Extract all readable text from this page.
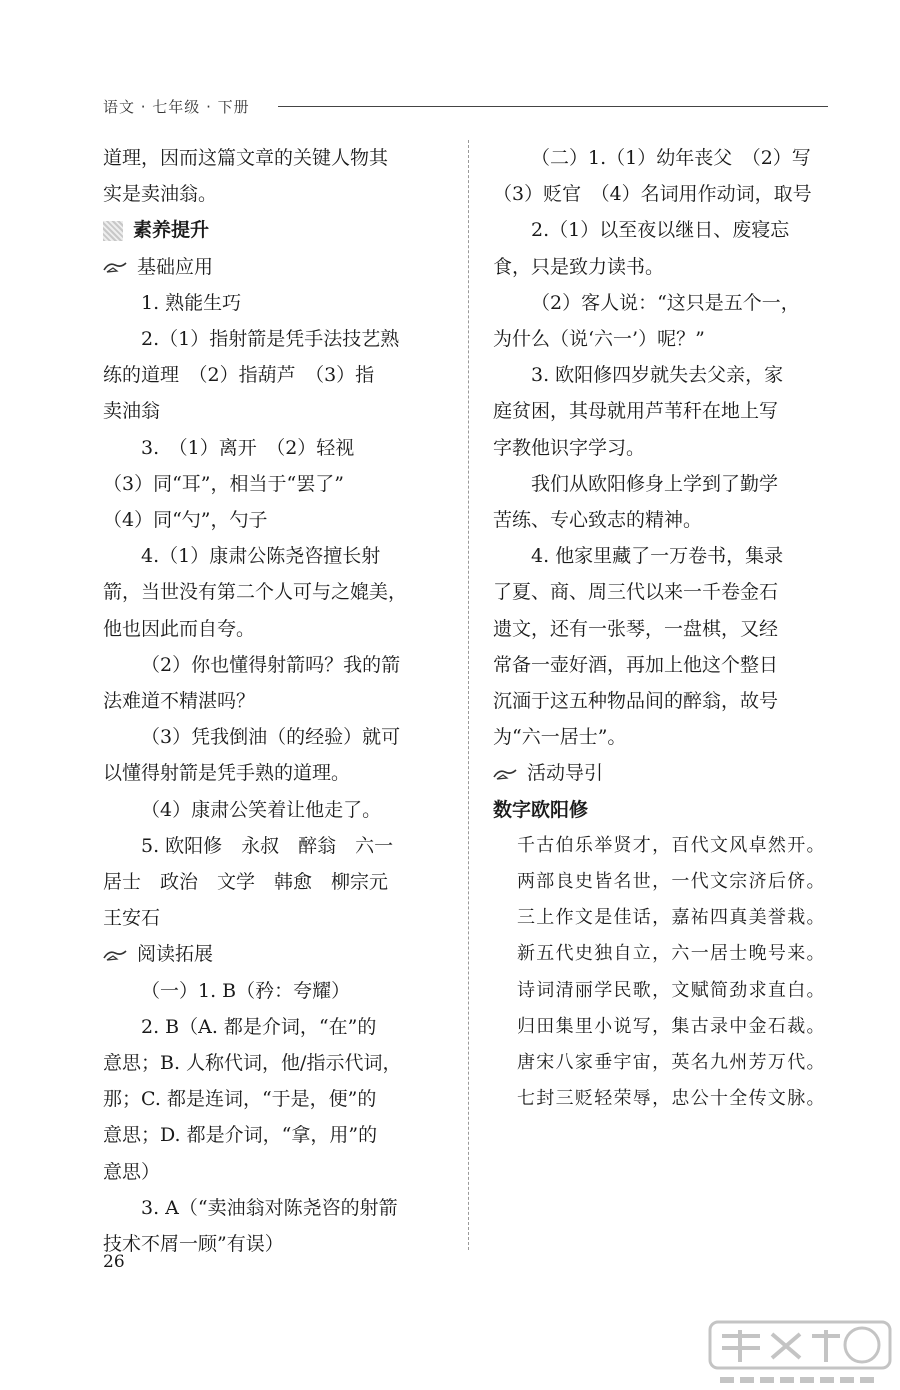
语文 · 七年级 · 下册

道理，因而这篇文章的关键人物其

实是卖油翁。

素养提升
基础应用

1. 熟能生巧

2.（1）指射箭是凭手法技艺熟

练的道理　（2）指葫芦　（3）指

卖油翁

3.　（1）离开　（2）轻视

（3）同“耳”，相当于“罢了”

（4）同“勺”，勺子

4.（1）康肃公陈尧咨擅长射

箭，当世没有第二个人可与之媲美，

他也因此而自夸。

（2）你也懂得射箭吗？我的箭

法难道不精湛吗？

（3）凭我倒油（的经验）就可

以懂得射箭是凭手熟的道理。

（4）康肃公笑着让他走了。

5. 欧阳修　永叔　醉翁　六一

居士　政治　文学　韩愈　柳宗元

王安石

阅读拓展

（一）1. B（矜：夸耀）

2. B（A. 都是介词，“在”的

意思；B. 人称代词，他/指示代词，

那；C. 都是连词，“于是，便”的

意思；D. 都是介词，“拿，用”的

意思）

3. A（“卖油翁对陈尧咨的射箭

技术不屑一顾”有误）

（二）1.（1）幼年丧父　（2）写

（3）贬官　（4）名词用作动词，取号

2.（1）以至夜以继日、废寝忘

食，只是致力读书。

（2）客人说：“这只是五个一，

为什么（说‘六一’）呢？”

3. 欧阳修四岁就失去父亲，家

庭贫困，其母就用芦苇秆在地上写

字教他识字学习。

我们从欧阳修身上学到了勤学

苦练、专心致志的精神。

4. 他家里藏了一万卷书，集录

了夏、商、周三代以来一千卷金石

遗文，还有一张琴，一盘棋，又经

常备一壶好酒，再加上他这个整日

沉湎于这五种物品间的醉翁，故号

为“六一居士”。

活动导引

数字欧阳修

千古伯乐举贤才，百代文风卓然开。
两部良史皆名世，一代文宗济后侪。
三上作文是佳话，嘉祐四真美誉栽。
新五代史独自立，六一居士晚号来。
诗词清丽学民歌，文赋简劲求直白。
归田集里小说写，集古录中金石裁。
唐宋八家垂宇宙，英名九州芳万代。
七封三贬轻荣辱，忠公十全传文脉。
26
